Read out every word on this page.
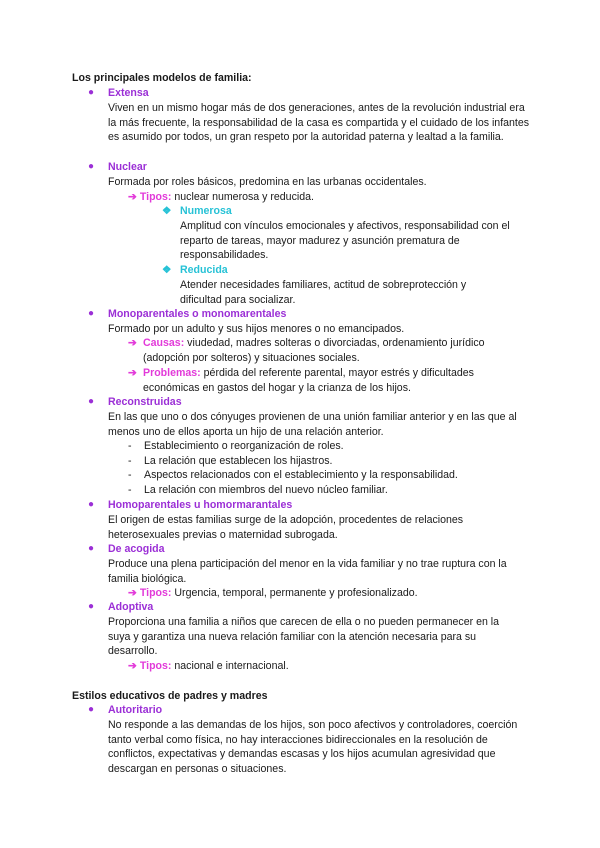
Los principales modelos de familia:

● Extensa

Viven en un mismo hogar más de dos generaciones, antes de la revolución industrial era la más frecuente, la responsabilidad de la casa es compartida y el cuidado de los infantes es asumido por todos, un gran respeto por la autoridad paterna y lealtad a la familia.

● Nuclear

Formada por roles básicos, predomina en las urbanas occidentales.

➔ Tipos: nuclear numerosa y reducida.

❖ Numerosa

Amplitud con vínculos emocionales y afectivos, responsabilidad con el reparto de tareas, mayor madurez y asunción prematura de responsabilidades.

❖ Reducida

Atender necesidades familiares, actitud de sobreprotección y dificultad para socializar.

● Monoparentales o monomarentales

Formado por un adulto y sus hijos menores o no emancipados.

➔ Causas: viudedad, madres solteras o divorciadas, ordenamiento jurídico (adopción por solteros) y situaciones sociales.

➔ Problemas: pérdida del referente parental, mayor estrés y dificultades económicas en gastos del hogar y la crianza de los hijos.

● Reconstruidas

En las que uno o dos cónyuges provienen de una unión familiar anterior y en las que al menos uno de ellos aporta un hijo de una relación anterior.

- Establecimiento o reorganización de roles.

- La relación que establecen los hijastros.

- Aspectos relacionados con el establecimiento y la responsabilidad.

- La relación con miembros del nuevo núcleo familiar.

● Homoparentales u homormarantales

El origen de estas familias surge de la adopción, procedentes de relaciones heterosexuales previas o maternidad subrogada.

● De acogida

Produce una plena participación del menor en la vida familiar y no trae ruptura con la familia biológica.

➔ Tipos: Urgencia, temporal, permanente y profesionalizado.

● Adoptiva

Proporciona una familia a niños que carecen de ella o no pueden permanecer en la suya y garantiza una nueva relación familiar con la atención necesaria para su desarrollo.

➔ Tipos: nacional e internacional.

Estilos educativos de padres y madres

● Autoritario

No responde a las demandas de los hijos, son poco afectivos y controladores, coerción tanto verbal como física, no hay interacciones bidireccionales en la resolución de conflictos, expectativas y demandas escasas y los hijos acumulan agresividad que descargan en personas o situaciones.
